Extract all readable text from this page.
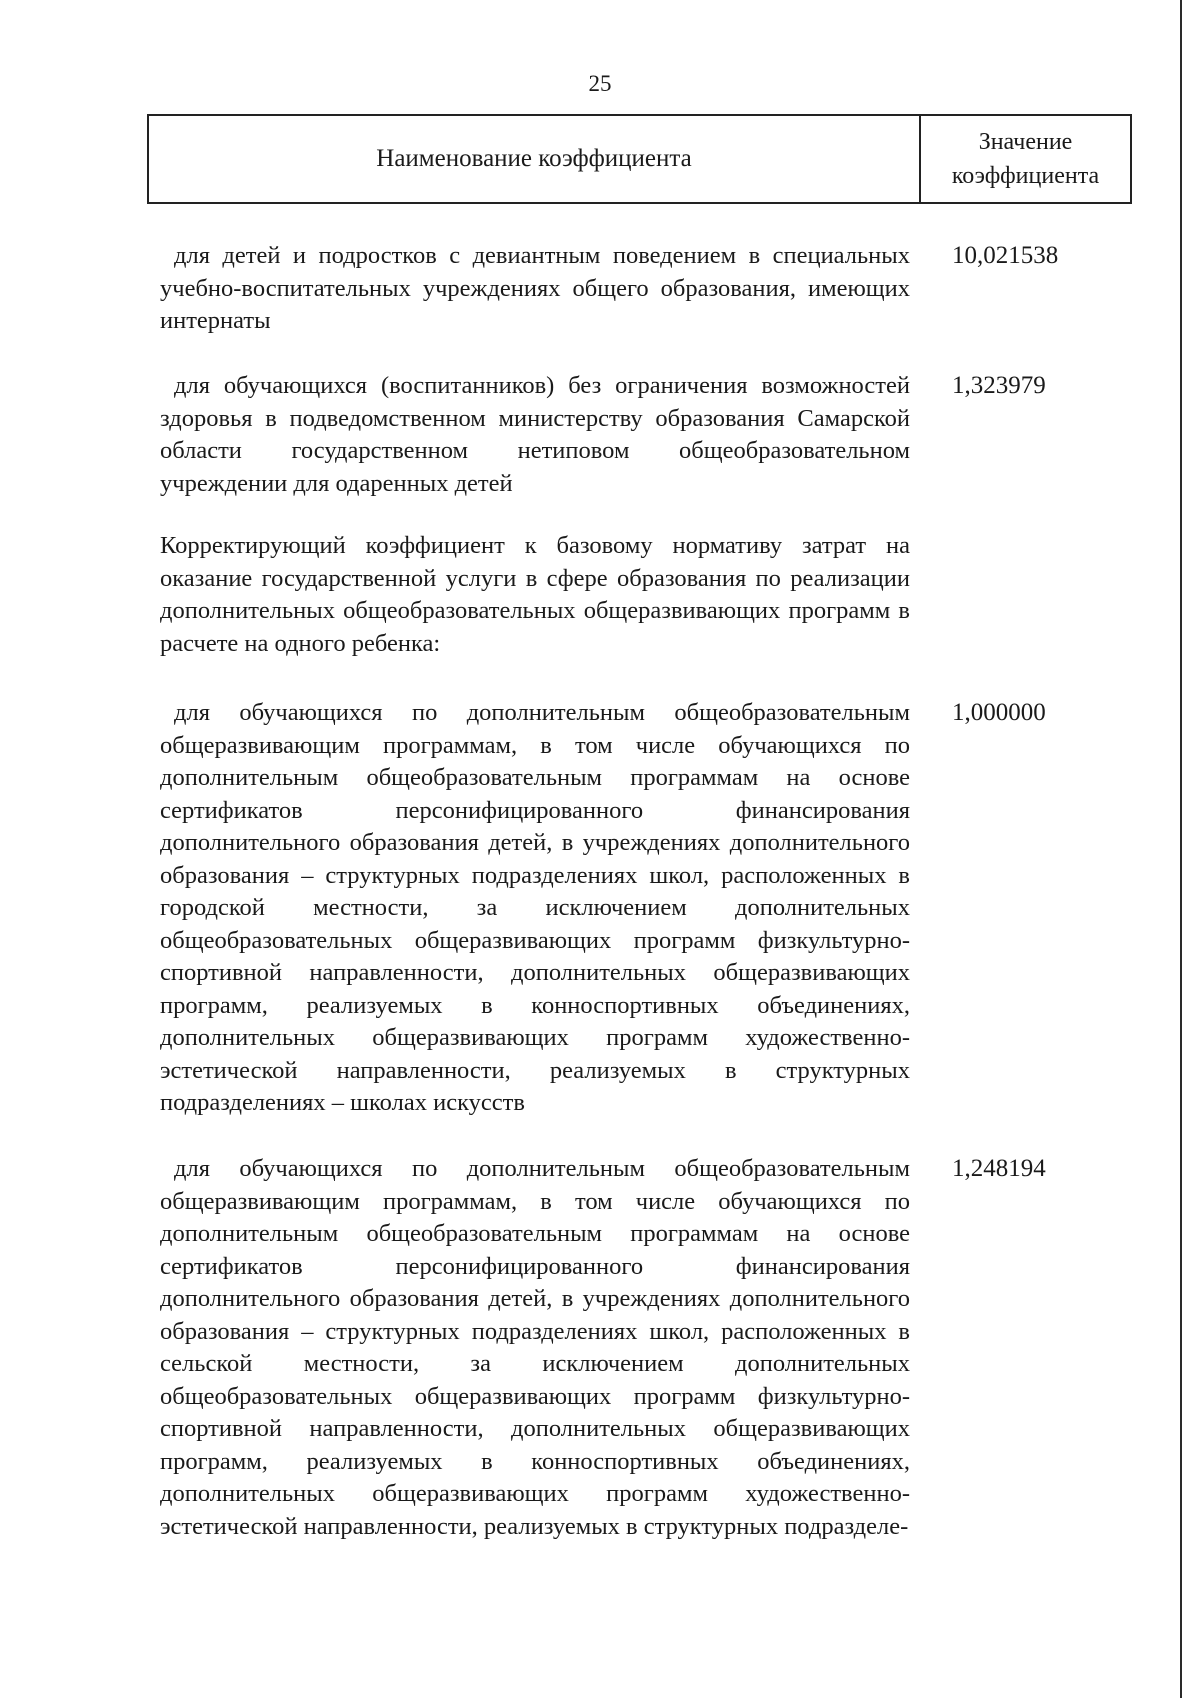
25
Наименование коэффициента
Значение
коэффициента
для детей и подростков с девиантным поведением в специальных учебно-воспитательных учреждениях общего образования, имеющих интернаты
10,021538
для обучающихся (воспитанников) без ограничения возможностей здоровья в подведомственном министерству образования Самарской области государственном нетиповом общеобразовательном учреждении для одаренных детей
1,323979
Корректирующий коэффициент к базовому нормативу затрат на оказание государственной услуги в сфере образования по реализации дополнительных общеобразовательных общеразвивающих программ в расчете на одного ребенка:
для обучающихся по дополнительным общеобразовательным общеразвивающим программам, в том числе обучающихся по дополнительным общеобразовательным программам на основе сертификатов персонифицированного финансирования дополнительного образования детей, в учреждениях дополнительного образования – структурных подразделениях школ, расположенных в городской местности, за исключением дополнительных общеобразовательных общеразвивающих программ физкультурно-спортивной направленности, дополнительных общеразвивающих программ, реализуемых в конноспортивных объединениях, дополнительных общеразвивающих программ художественно-эстетической направленности, реализуемых в структурных подразделениях – школах искусств
1,000000
для обучающихся по дополнительным общеобразовательным общеразвивающим программам, в том числе обучающихся по дополнительным общеобразовательным программам на основе сертификатов персонифицированного финансирования дополнительного образования детей, в учреждениях дополнительного образования – структурных подразделениях школ, расположенных в сельской местности, за исключением дополнительных общеобразовательных общеразвивающих программ физкультурно-спортивной направленности, дополнительных общеразвивающих программ, реализуемых в конноспортивных объединениях, дополнительных общеразвивающих программ художественно-эстетической направленности, реализуемых в структурных подразделе-
1,248194
